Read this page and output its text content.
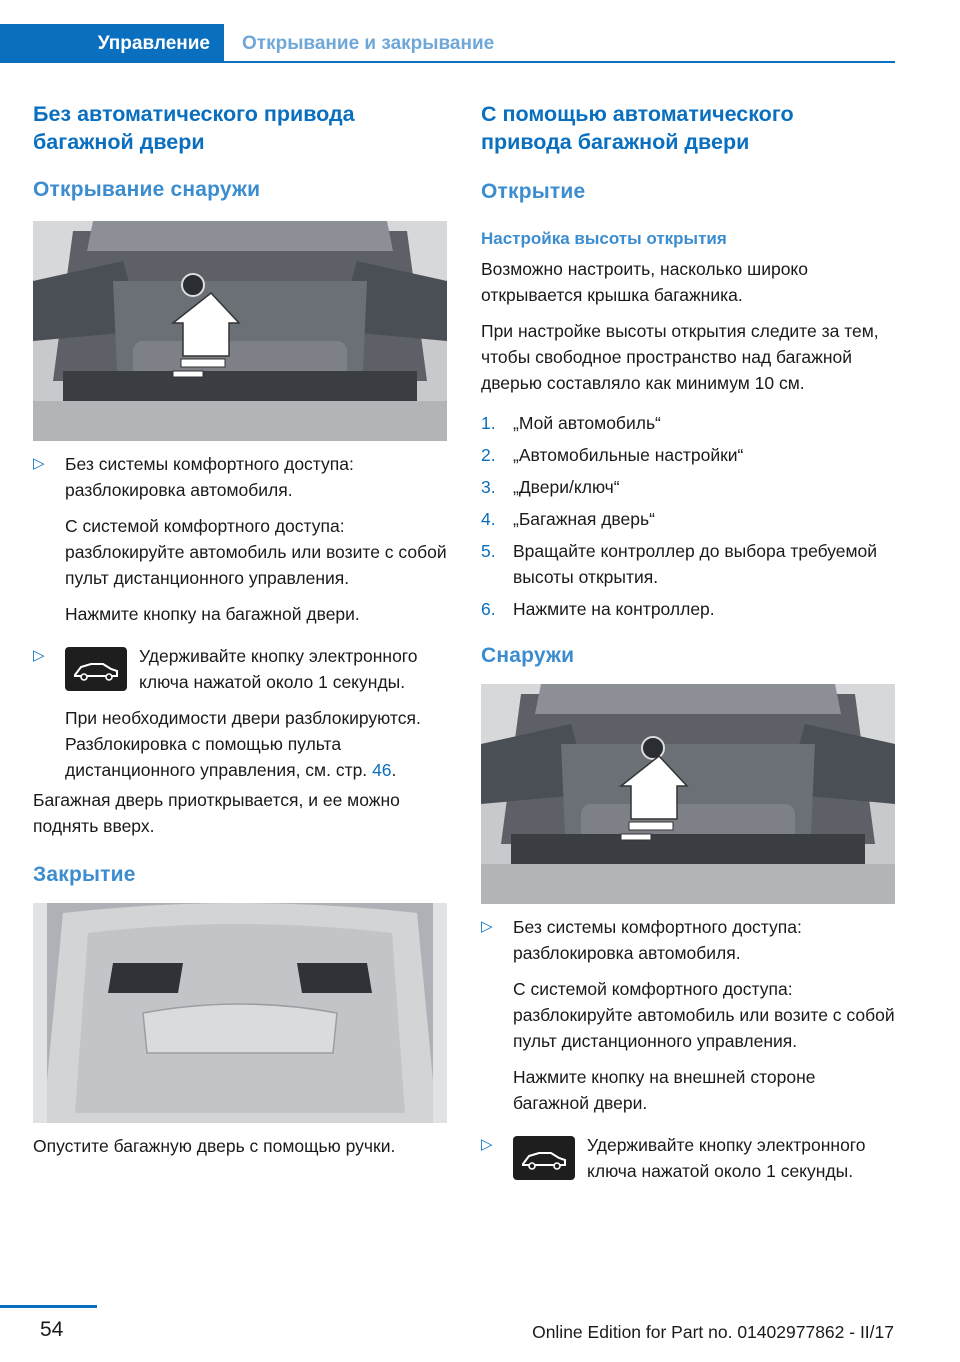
Управление	Открывание и закрывание
Без автоматического привода багажной двери
Открывание снаружи
▷ Без системы комфортного доступа: разблокировка автомобиля.

С системой комфортного доступа: разблокируйте автомобиль или возите с собой пульт дистанционного управления.

Нажмите кнопку на багажной двери.

▷	Удерживайте кнопку электронного ключа нажатой около 1 секунды.

При необходимости двери разблокируются. Разблокировка с помощью пульта дистанционного управления, см. стр. 46.

Багажная дверь приоткрывается, и ее можно поднять вверх.

Закрытие

Опустите багажную дверь с помощью ручки.

С помощью автоматического привода багажной двери
Открытие
Настройка высоты открытия

Возможно настроить, насколько широко открывается крышка багажника.

При настройке высоты открытия следите за тем, чтобы свободное пространство над багажной дверью составляло как минимум 10 см.

1. „Мой автомобиль“

2. „Автомобильные настройки“

3. „Двери/ключ“

4. „Багажная дверь“

5. Вращайте контроллер до выбора требуемой высоты открытия.

6. Нажмите на контроллер.

Снаружи
▷ Без системы комфортного доступа: разблокировка автомобиля.

С системой комфортного доступа: разблокируйте автомобиль или возите с собой пульт дистанционного управления.

Нажмите кнопку на внешней стороне багажной двери.

▷	Удерживайте кнопку электронного ключа нажатой около 1 секунды.

54	Online Edition for Part no. 01402977862 - II/17
